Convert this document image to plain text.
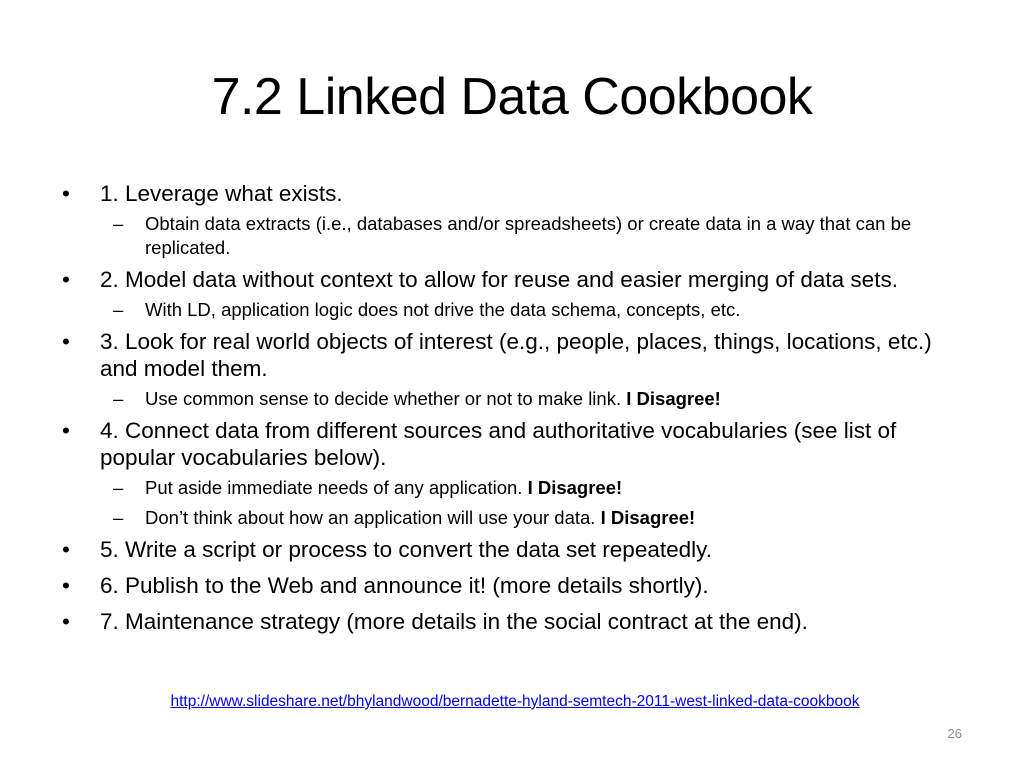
7.2 Linked Data Cookbook
• 1. Leverage what exists.
– Obtain data extracts (i.e., databases and/or spreadsheets) or create data in a way that can be replicated.
• 2. Model data without context to allow for reuse and easier merging of data sets.
– With LD, application logic does not drive the data schema, concepts, etc.
• 3. Look for real world objects of interest (e.g., people, places, things, locations, etc.) and model them.
– Use common sense to decide whether or not to make link. I Disagree!
• 4. Connect data from different sources and authoritative vocabularies (see list of popular vocabularies below).
– Put aside immediate needs of any application. I Disagree!
– Don’t think about how an application will use your data. I Disagree!
• 5. Write a script or process to convert the data set repeatedly.
• 6. Publish to the Web and announce it! (more details shortly).
• 7. Maintenance strategy (more details in the social contract at the end).
http://www.slideshare.net/bhylandwood/bernadette-hyland-semtech-2011-west-linked-data-cookbook
26
